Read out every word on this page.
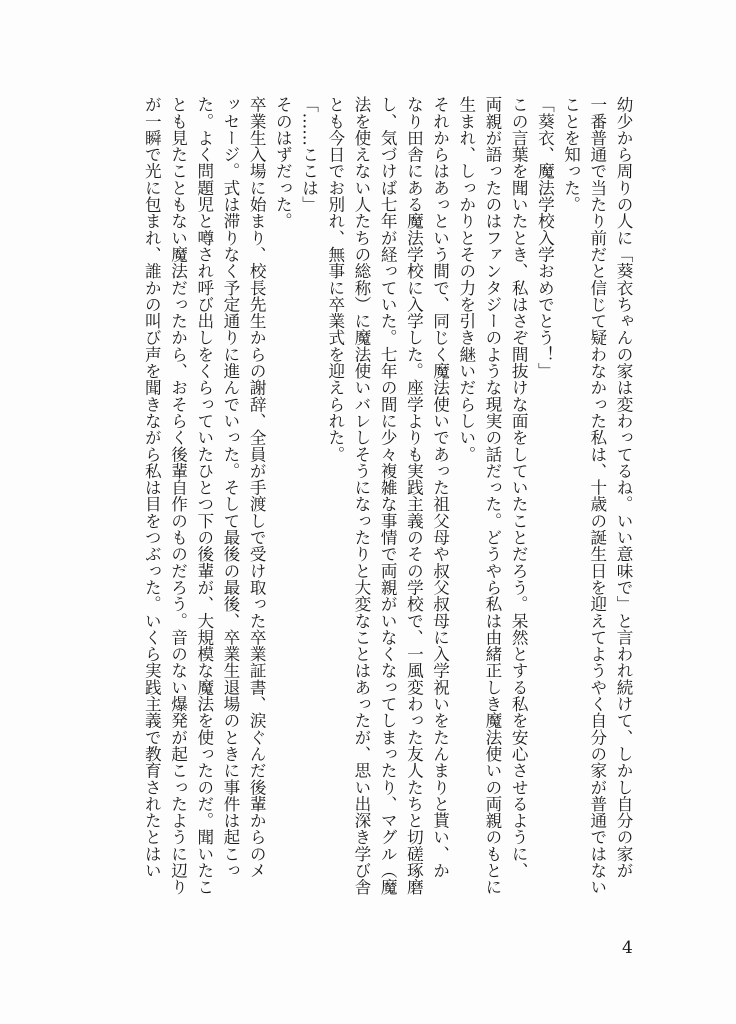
幼少から周りの人に「葵衣ちゃんの家は変わってるね。いい意味で」と言われ続けて、しかし自分の家が
一番普通で当たり前だと信じて疑わなかった私は、十歳の誕生日を迎えてようやく自分の家が普通ではない
ことを知った。
「葵衣、魔法学校入学おめでとう！」
この言葉を聞いたとき、私はさぞ間抜けな面をしていたことだろう。呆然とする私を安心させるように、
両親が語ったのはファンタジーのような現実の話だった。どうやら私は由緒正しき魔法使いの両親のもとに
生まれ、しっかりとその力を引き継いだらしい。
それからはあっという間で、同じく魔法使いであった祖父母や叔父叔母に入学祝いをたんまりと貰い、か
なり田舎にある魔法学校に入学した。座学よりも実践主義のその学校で、一風変わった友人たちと切磋琢磨
し、気づけば七年が経っていた。七年の間に少々複雑な事情で両親がいなくなってしまったり、マグル（魔
法を使えない人たちの総称）に魔法使いバレしそうになったりと大変なことはあったが、思い出深き学び舎
とも今日でお別れ、無事に卒業式を迎えられた。
「……ここは」
そのはずだった。
卒業生入場に始まり、校長先生からの謝辞、全員が手渡しで受け取った卒業証書、涙ぐんだ後輩からのメ
ッセージ。式は滞りなく予定通りに進んでいった。そして最後の最後、卒業生退場のときに事件は起こっ
た。よく問題児と噂され呼び出しをくらっていたひとつ下の後輩が、大規模な魔法を使ったのだ。聞いたこ
とも見たこともない魔法だったから、おそらく後輩自作のものだろう。音のない爆発が起こったように辺り
が一瞬で光に包まれ、誰かの叫び声を聞きながら私は目をつぶった。いくら実践主義で教育されたとはい
4
